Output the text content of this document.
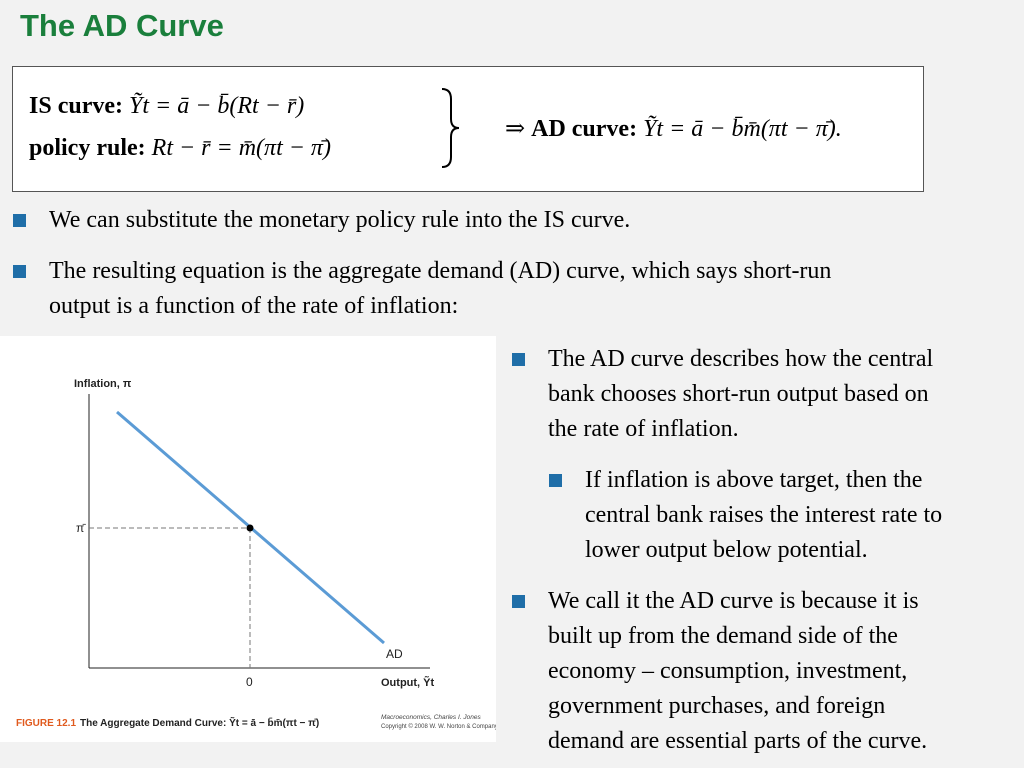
The AD Curve
IS curve: Ỹt = ā − b̄(Rt − r̄)
policy rule: Rt − r̄ = m̄(πt − π̄)
⇒ AD curve: Ỹt = ā − b̄m̄(πt − π̄).
We can substitute the monetary policy rule into the IS curve.
The resulting equation is the aggregate demand (AD) curve, which says short-run
output is a function of the rate of inflation:
Inflation, π
π̄
0
AD
Output, Ỹt
FIGURE 12.1 The Aggregate Demand Curve: Ỹt = ā − b̄m̄(πt − π̄)
Macroeconomics, Charles I. Jones
Copyright © 2008 W. W. Norton & Company
The AD curve describes how the central
bank chooses short-run output based on
the rate of inflation.
If inflation is above target, then the
central bank raises the interest rate to
lower output below potential.
We call it the AD curve is because it is
built up from the demand side of the
economy – consumption, investment,
government purchases, and foreign
demand are essential parts of the curve.
